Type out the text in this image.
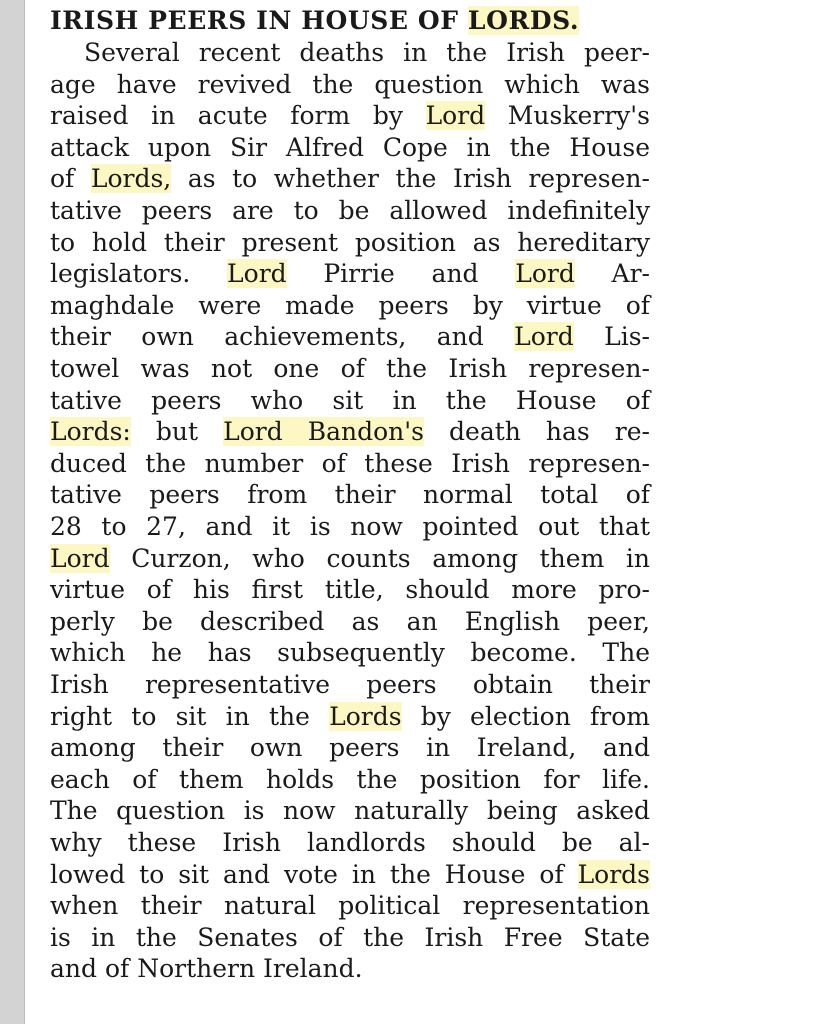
IRISH PEERS IN HOUSE OF LORDS.
Several recent deaths in the Irish peer-
age have revived the question which was
raised in acute form by Lord Muskerry's
attack upon Sir Alfred Cope in the House
of Lords, as to whether the Irish represen-
tative peers are to be allowed indefinitely
to hold their present position as hereditary
legislators. Lord Pirrie and Lord Ar-
maghdale were made peers by virtue of
their own achievements, and Lord Lis-
towel was not one of the Irish represen-
tative peers who sit in the House of
Lords: but Lord Bandon's death has re-
duced the number of these Irish represen-
tative peers from their normal total of
28 to 27, and it is now pointed out that
Lord Curzon, who counts among them in
virtue of his first title, should more pro-
perly be described as an English peer,
which he has subsequently become. The
Irish representative peers obtain their
right to sit in the Lords by election from
among their own peers in Ireland, and
each of them holds the position for life.
The question is now naturally being asked
why these Irish landlords should be al-
lowed to sit and vote in the House of Lords
when their natural political representation
is in the Senates of the Irish Free State
and of Northern Ireland.
